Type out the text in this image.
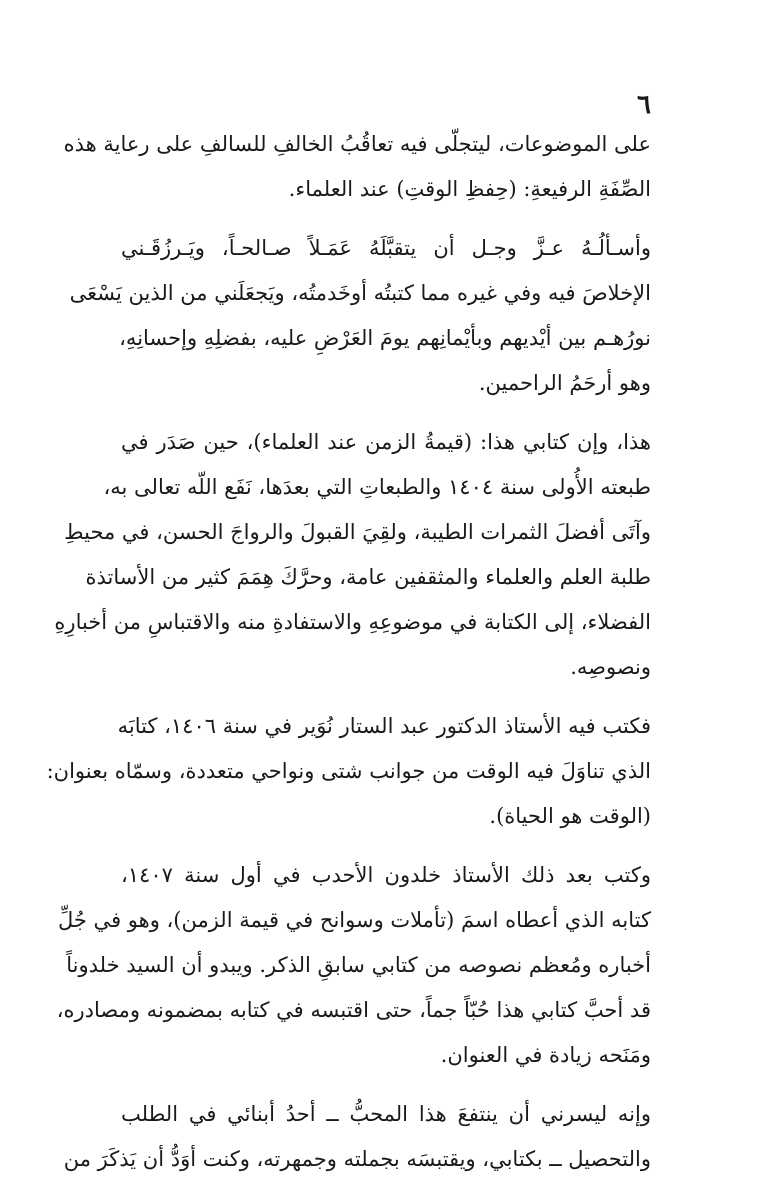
٦
على الموضوعات، ليتجلّى فيه تعاقُبُ الخالفِ للسالفِ على رعاية هذه
الصِّفَةِ الرفيعةِ: (حِفظِ الوقتِ) عند العلماء.
وأسـألُـهُ عـزَّ وجـل أن يتقبَّلَهُ عَمَـلاً صـالحـاً، ويَـرزُقَـني
الإخلاصَ فيه وفي غيره مما كتبتُه أوخَدمتُه، ويَجعَلَني من الذين يَسْعَى
نورُهـم بين أيْديهم وبأيْمانِهم يومَ العَرْضِ عليه، بفضلِهِ وإحسانِهِ،
وهو أرحَمُ الراحمين.
هذا، وإن كتابي هذا: (قيمةُ الزمن عند العلماء)، حين صَدَر في
طبعته الأُولى سنة ١٤٠٤ والطبعاتِ التي بعدَها، نَفَع اللّه تعالى به،
وآتَى أفضلَ الثمرات الطيبة، ولقِيَ القبولَ والرواجَ الحسن، في محيطِ
طلبة العلم والعلماء والمثقفين عامة، وحرَّكَ هِمَمَ كثير من الأساتذة
الفضلاء، إلى الكتابة في موضوعِهِ والاستفادةِ منه والاقتباسِ من أخبارِهِ
ونصوصِه.
فكتب فيه الأستاذ الدكتور عبد الستار نُوَير في سنة ١٤٠٦، كتابَه
الذي تناوَلَ فيه الوقت من جوانب شتى ونواحي متعددة، وسمّاه بعنوان:
(الوقت هو الحياة).
وكتب بعد ذلك الأستاذ خلدون الأحدب في أول سنة ١٤٠٧،
كتابه الذي أعطاه اسمَ (تأملات وسوانح في قيمة الزمن)، وهو في جُلِّ
أخباره ومُعظم نصوصه من كتابي سابقِ الذكر. ويبدو أن السيد خلدوناً
قد أحبَّ كتابي هذا حُبّاً جماً، حتى اقتبسه في كتابه بمضمونه ومصادره،
ومَنَحه زيادة في العنوان.
وإنه ليسرني أن ينتفعَ هذا المحبُّ ــ أحدُ أبنائي في الطلب
والتحصيل ــ بكتابي، ويقتبسَه بجملته وجمهرته، وكنت أوَدُّ أن يَذكَرَ من
